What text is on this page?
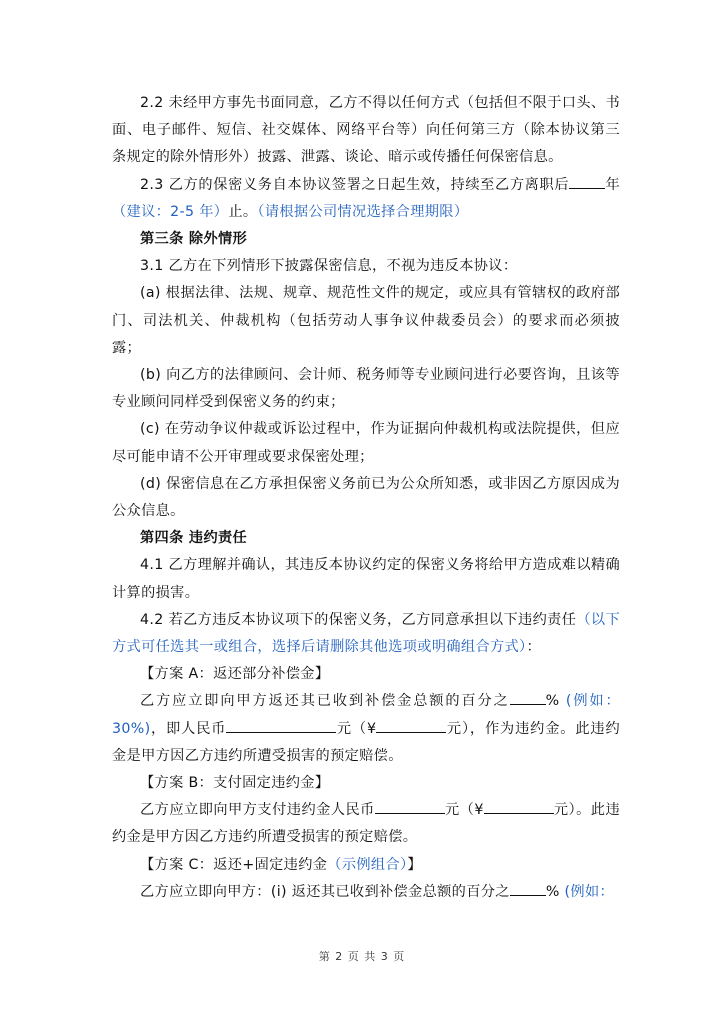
2.2 未经甲方事先书面同意，乙方不得以任何方式（包括但不限于口头、书面、电子邮件、短信、社交媒体、网络平台等）向任何第三方（除本协议第三条规定的除外情形外）披露、泄露、谈论、暗示或传播任何保密信息。

2.3 乙方的保密义务自本协议签署之日起生效，持续至乙方离职后	年（建议：2-5 年）止。（请根据公司情况选择合理期限）

第三条 除外情形

3.1 乙方在下列情形下披露保密信息，不视为违反本协议：

(a) 根据法律、法规、规章、规范性文件的规定，或应具有管辖权的政府部门、司法机关、仲裁机构（包括劳动人事争议仲裁委员会）的要求而必须披露；

(b) 向乙方的法律顾问、会计师、税务师等专业顾问进行必要咨询，且该等专业顾问同样受到保密义务的约束；

(c) 在劳动争议仲裁或诉讼过程中，作为证据向仲裁机构或法院提供，但应尽可能申请不公开审理或要求保密处理；

(d) 保密信息在乙方承担保密义务前已为公众所知悉，或非因乙方原因成为公众信息。

第四条 违约责任

4.1 乙方理解并确认，其违反本协议约定的保密义务将给甲方造成难以精确计算的损害。

4.2 若乙方违反本协议项下的保密义务，乙方同意承担以下违约责任（以下方式可任选其一或组合，选择后请删除其他选项或明确组合方式）：

【方案 A：返还部分补偿金】

乙方应立即向甲方返还其已收到补偿金总额的百分之	% (例如：30%)，即人民币	元（¥	元），作为违约金。此违约金是甲方因乙方违约所遭受损害的预定赔偿。

【方案 B：支付固定违约金】

乙方应立即向甲方支付违约金人民币	元（¥	元）。此违约金是甲方因乙方违约所遭受损害的预定赔偿。

【方案 C：返还+固定违约金（示例组合）】

乙方应立即向甲方：(i) 返还其已收到补偿金总额的百分之	% (例如：

第 2 页 共 3 页
